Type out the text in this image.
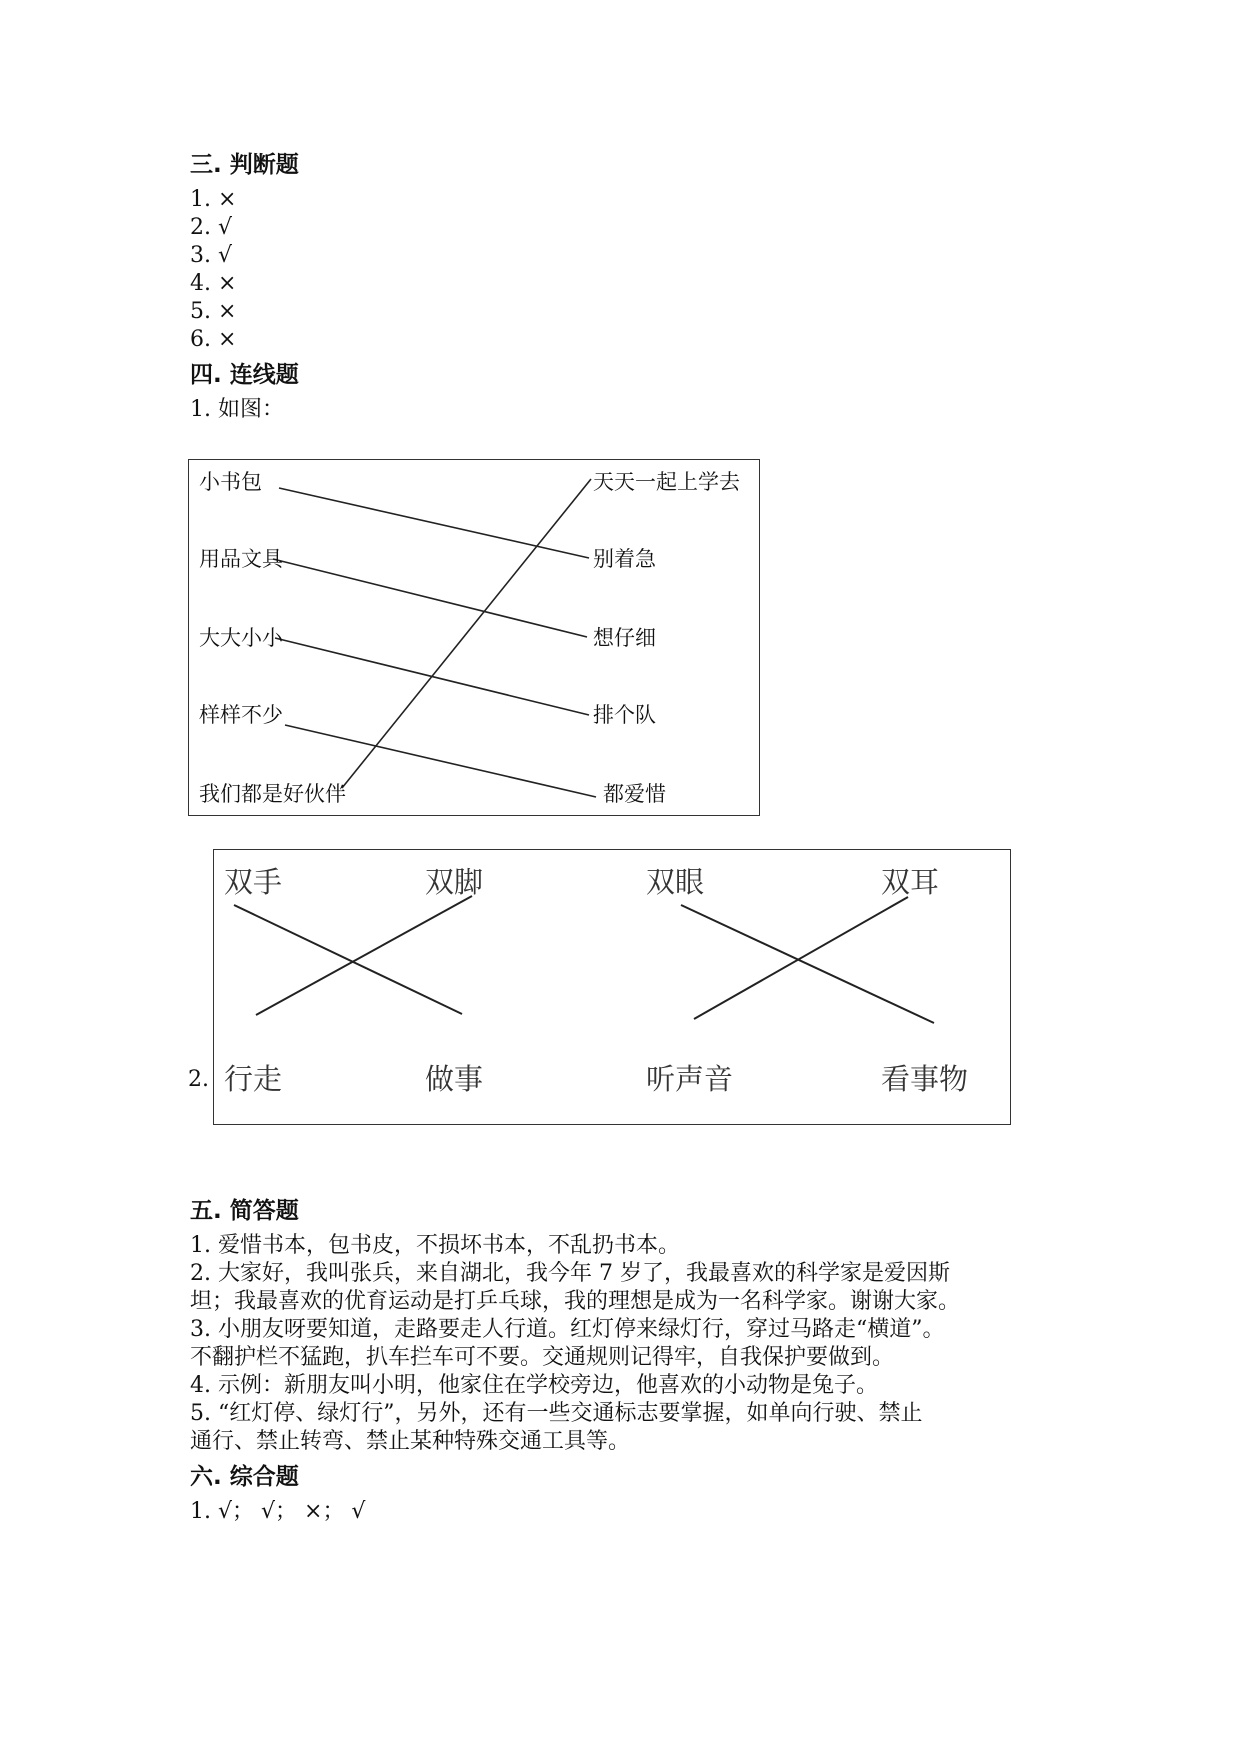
三. 判断题
1. ×
2. √
3. √
4. ×
5. ×
6. ×
四. 连线题
1. 如图：
小书包
用品文具
大大小小
样样不少
我们都是好伙伴
天天一起上学去
别着急
想仔细
排个队
都爱惜
2.
双手	双脚	双眼	双耳
行走	做事	听声音	看事物
五. 简答题
1. 爱惜书本，包书皮，不损坏书本，不乱扔书本。
2. 大家好，我叫张兵，来自湖北，我今年 7 岁了，我最喜欢的科学家是爱因斯
坦；我最喜欢的优育运动是打乒乓球，我的理想是成为一名科学家。谢谢大家。
3. 小朋友呀要知道，走路要走人行道。红灯停来绿灯行，穿过马路走“横道”。
不翻护栏不猛跑，扒车拦车可不要。交通规则记得牢，自我保护要做到。
4. 示例：新朋友叫小明，他家住在学校旁边，他喜欢的小动物是兔子。
5. “红灯停、绿灯行”，另外，还有一些交通标志要掌握，如单向行驶、禁止
通行、禁止转弯、禁止某种特殊交通工具等。
六. 综合题
1. √； √； ×； √
